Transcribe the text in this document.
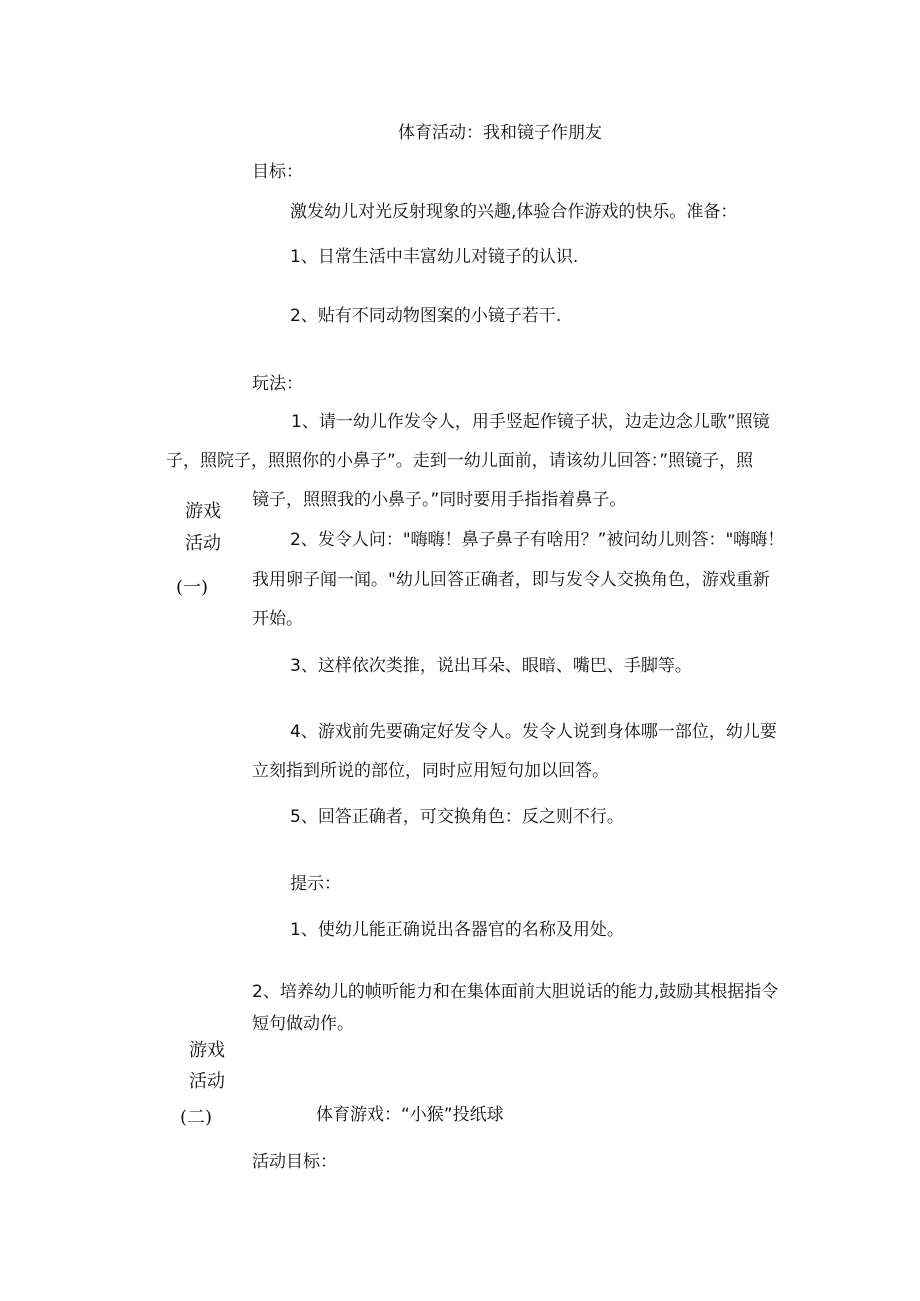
体育活动：我和镜子作朋友

目标：

激发幼儿对光反射现象的兴趣,体验合作游戏的快乐。准备：

1、日常生活中丰富幼儿对镜子的认识.

2、贴有不同动物图案的小镜子若干.

玩法：

1、请一幼儿作发令人，用手竖起作镜子状，边走边念儿歌”照镜

子，照院子，照照你的小鼻子”。走到一幼儿面前，请该幼儿回答：”照镜子，照

镜子，照照我的小鼻子。”同时要用手指指着鼻子。

2、发令人问："嗨嗨！鼻子鼻子有啥用？”被问幼儿则答："嗨嗨！

我用卵子闻一闻。"幼儿回答正确者，即与发令人交换角色，游戏重新

开始。

3、这样依次类推，说出耳朵、眼暗、嘴巴、手脚等。

4、游戏前先要确定好发令人。发令人说到身体哪一部位，幼儿要

立刻指到所说的部位，同时应用短句加以回答。

5、回答正确者，可交换角色：反之则不行。

提示：

1、使幼儿能正确说出各器官的名称及用处。

2、培养幼儿的帧听能力和在集体面前大胆说话的能力,鼓励其根据指令

短句做动作。

体育游戏：“小猴”投纸球

活动目标：

游戏

活动

(一)

游戏

活动

(二)
